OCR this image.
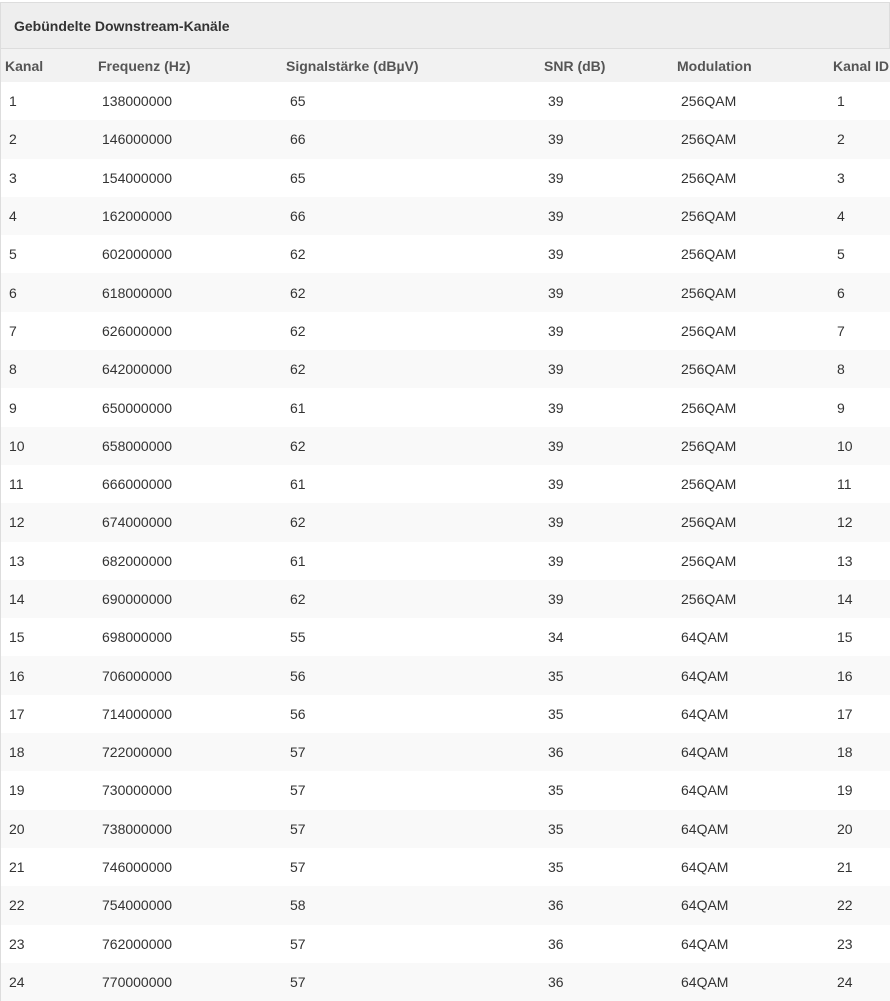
Gebündelte Downstream-Kanäle
Kanal	Frequenz (Hz)	Signalstärke (dBµV)	SNR (dB)	Modulation	Kanal ID
1	138000000	65	39	256QAM	1
2	146000000	66	39	256QAM	2
3	154000000	65	39	256QAM	3
4	162000000	66	39	256QAM	4
5	602000000	62	39	256QAM	5
6	618000000	62	39	256QAM	6
7	626000000	62	39	256QAM	7
8	642000000	62	39	256QAM	8
9	650000000	61	39	256QAM	9
10	658000000	62	39	256QAM	10
11	666000000	61	39	256QAM	11
12	674000000	62	39	256QAM	12
13	682000000	61	39	256QAM	13
14	690000000	62	39	256QAM	14
15	698000000	55	34	64QAM	15
16	706000000	56	35	64QAM	16
17	714000000	56	35	64QAM	17
18	722000000	57	36	64QAM	18
19	730000000	57	35	64QAM	19
20	738000000	57	35	64QAM	20
21	746000000	57	35	64QAM	21
22	754000000	58	36	64QAM	22
23	762000000	57	36	64QAM	23
24	770000000	57	36	64QAM	24
